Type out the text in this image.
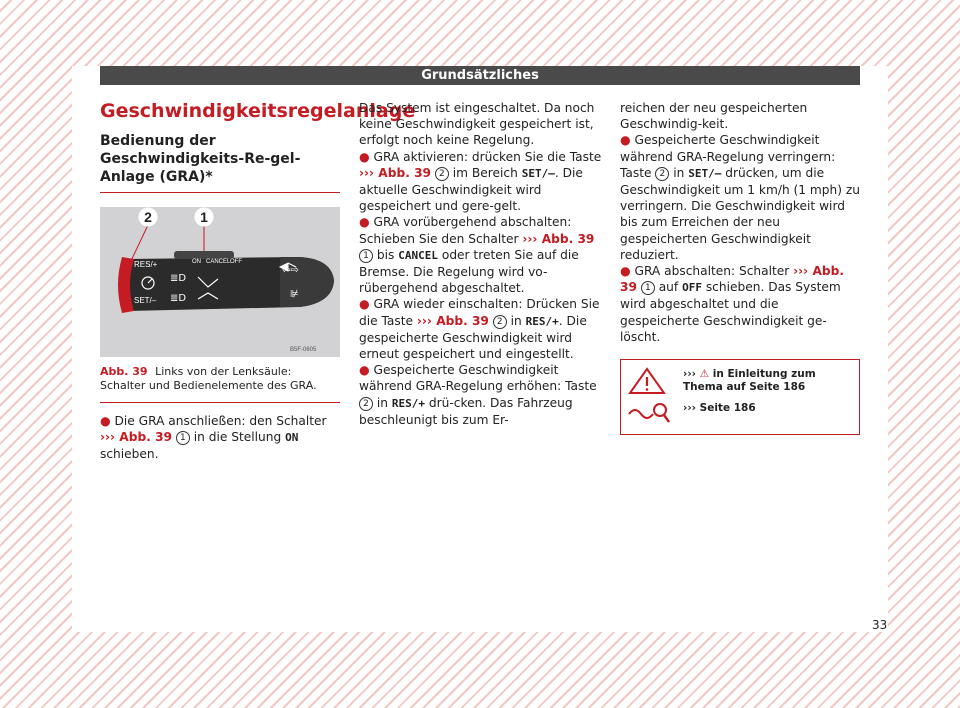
Grundsätzliches
Geschwindigkeitsregelanlage
Bedienung der Geschwindigkeits-Re-gel-Anlage (GRA)*
2	1
RES/+	ON CANCEL OFF
SET/–
≣D
≣D
⇦⇨
⊯
B5F-0605
Abb. 39 Links von der Lenksäule: Schalter und Bedienelemente des GRA.

● Die GRA anschließen: den Schalter ››› Abb. 39 1 in die Stellung ON schieben.

Das System ist eingeschaltet. Da noch keine Geschwindigkeit gespeichert ist, erfolgt noch keine Regelung.

● GRA aktivieren: drücken Sie die Taste ››› Abb. 39 2 im Bereich SET/–. Die aktuelle Geschwindigkeit wird gespeichert und gere-gelt.

● GRA vorübergehend abschalten: Schieben Sie den Schalter ››› Abb. 39 1 bis CANCEL oder treten Sie auf die Bremse. Die Regelung wird vo-rübergehend abgeschaltet.

● GRA wieder einschalten: Drücken Sie die Taste ››› Abb. 39 2 in RES/+. Die gespeicherte Geschwindigkeit wird erneut gespeichert und eingestellt.

● Gespeicherte Geschwindigkeit während GRA-Regelung erhöhen: Taste 2 in RES/+ drü-cken. Das Fahrzeug beschleunigt bis zum Er-

reichen der neu gespeicherten Geschwindig-keit.

● Gespeicherte Geschwindigkeit während GRA-Regelung verringern: Taste 2 in SET/– drücken, um die Geschwindigkeit um 1 km/h (1 mph) zu verringern. Die Geschwindigkeit wird bis zum Erreichen der neu gespeicherten Geschwindigkeit reduziert.

● GRA abschalten: Schalter ››› Abb. 39 1 auf OFF schieben. Das System wird abgeschaltet und die gespeicherte Geschwindigkeit ge-löscht.

››› ⚠ in Einleitung zum Thema auf Seite 186
››› Seite 186
33
